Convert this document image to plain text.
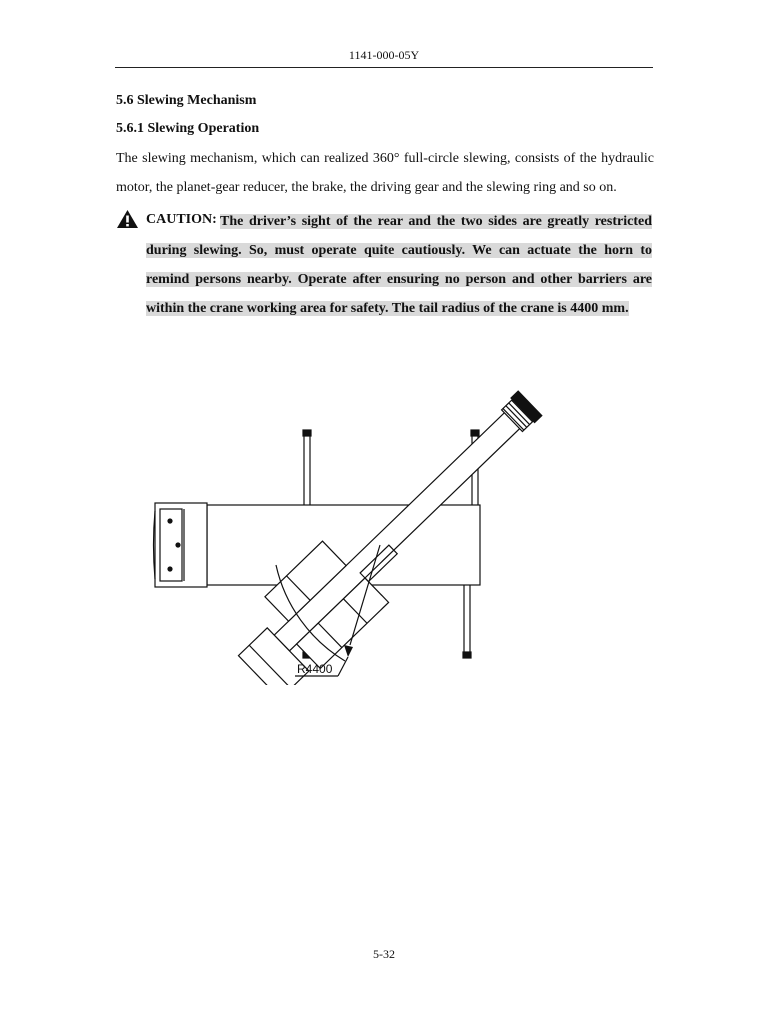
1141-000-05Y
5.6 Slewing Mechanism
5.6.1 Slewing Operation
The slewing mechanism, which can realized 360° full-circle slewing, consists of the hydraulic motor, the planet-gear reducer, the brake, the driving gear and the slewing ring and so on.
CAUTION: The driver’s sight of the rear and the two sides are greatly restricted during slewing. So, must operate quite cautiously. We can actuate the horn to remind persons nearby. Operate after ensuring no person and other barriers are within the crane working area for safety. The tail radius of the crane is 4400 mm.
R4400
5-32
